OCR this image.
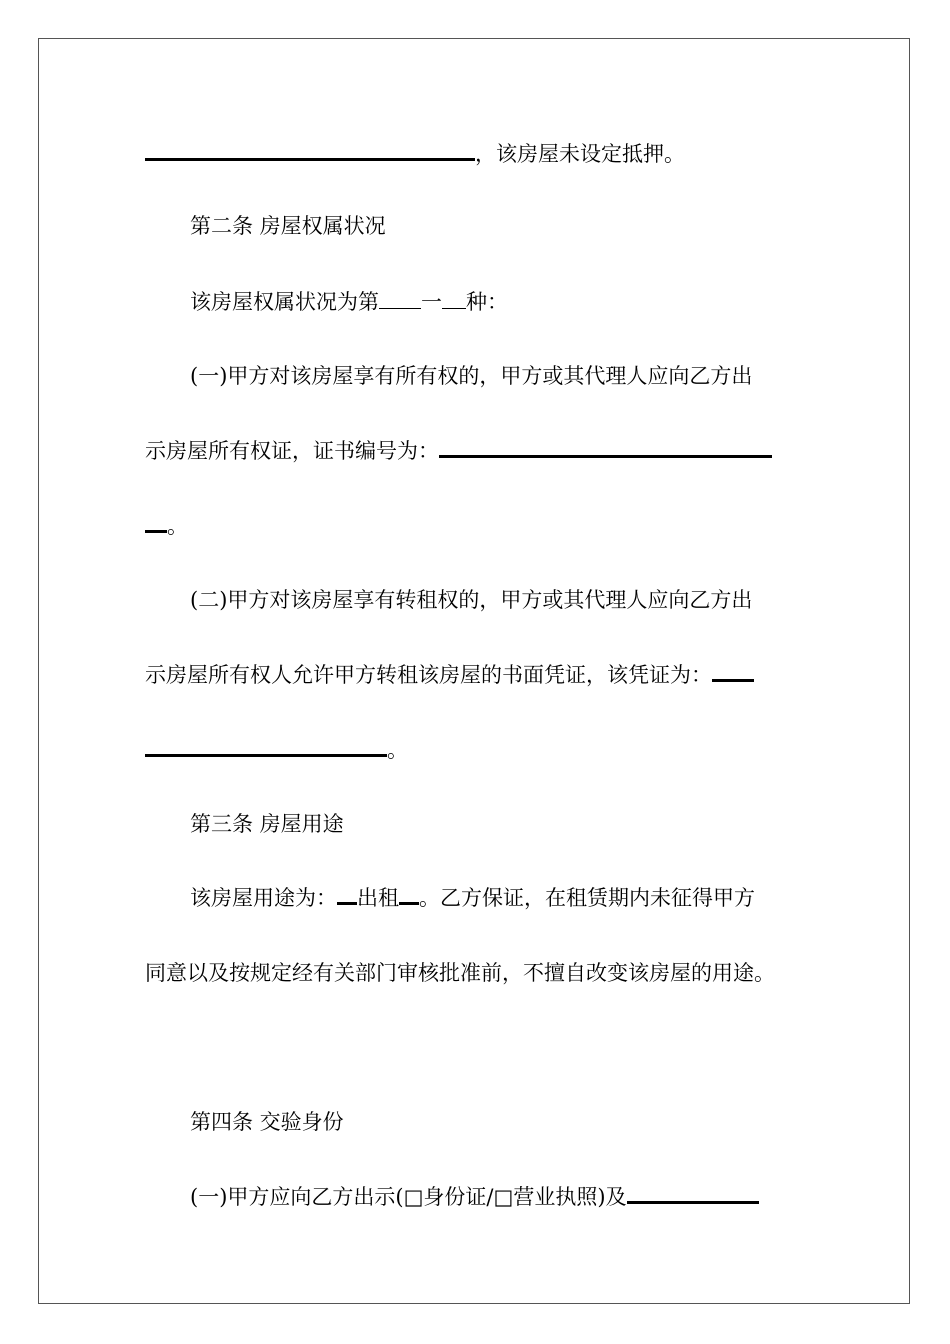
，该房屋未设定抵押。
第二条 房屋权属状况
该房屋权属状况为第 一 种：
(一)甲方对该房屋享有所有权的，甲方或其代理人应向乙方出
示房屋所有权证，证书编号为：
。
(二)甲方对该房屋享有转租权的，甲方或其代理人应向乙方出
示房屋所有权人允许甲方转租该房屋的书面凭证，该凭证为：
。
第三条 房屋用途
该房屋用途为： 出租 。乙方保证，在租赁期内未征得甲方
同意以及按规定经有关部门审核批准前，不擅自改变该房屋的用途。
第四条 交验身份
(一)甲方应向乙方出示(□身份证/□营业执照)及
